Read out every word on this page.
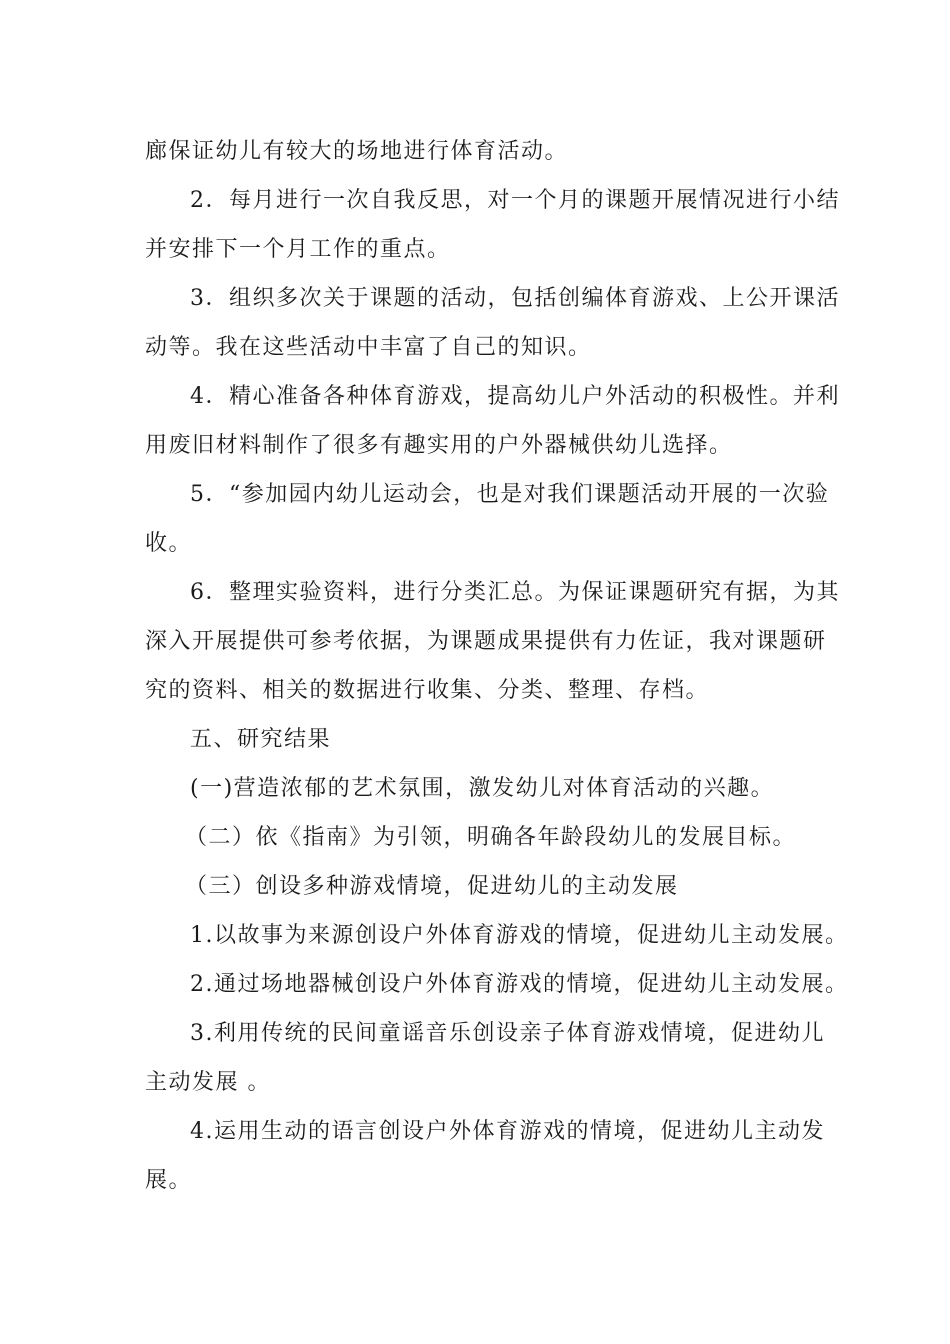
廊保证幼儿有较大的场地进行体育活动。
2．每月进行一次自我反思，对一个月的课题开展情况进行小结
并安排下一个月工作的重点。
3．组织多次关于课题的活动，包括创编体育游戏、上公开课活
动等。我在这些活动中丰富了自己的知识。
4．精心准备各种体育游戏，提高幼儿户外活动的积极性。并利
用废旧材料制作了很多有趣实用的户外器械供幼儿选择。
5．“参加园内幼儿运动会，也是对我们课题活动开展的一次验
收。
6．整理实验资料，进行分类汇总。为保证课题研究有据，为其
深入开展提供可参考依据，为课题成果提供有力佐证，我对课题研
究的资料、相关的数据进行收集、分类、整理、存档。
五、研究结果
(一)营造浓郁的艺术氛围，激发幼儿对体育活动的兴趣。
（二）依《指南》为引领，明确各年龄段幼儿的发展目标。
（三）创设多种游戏情境，促进幼儿的主动发展
1.以故事为来源创设户外体育游戏的情境，促进幼儿主动发展。
2.通过场地器械创设户外体育游戏的情境，促进幼儿主动发展。
3.利用传统的民间童谣音乐创设亲子体育游戏情境，促进幼儿
主动发展 。
4.运用生动的语言创设户外体育游戏的情境，促进幼儿主动发
展。
